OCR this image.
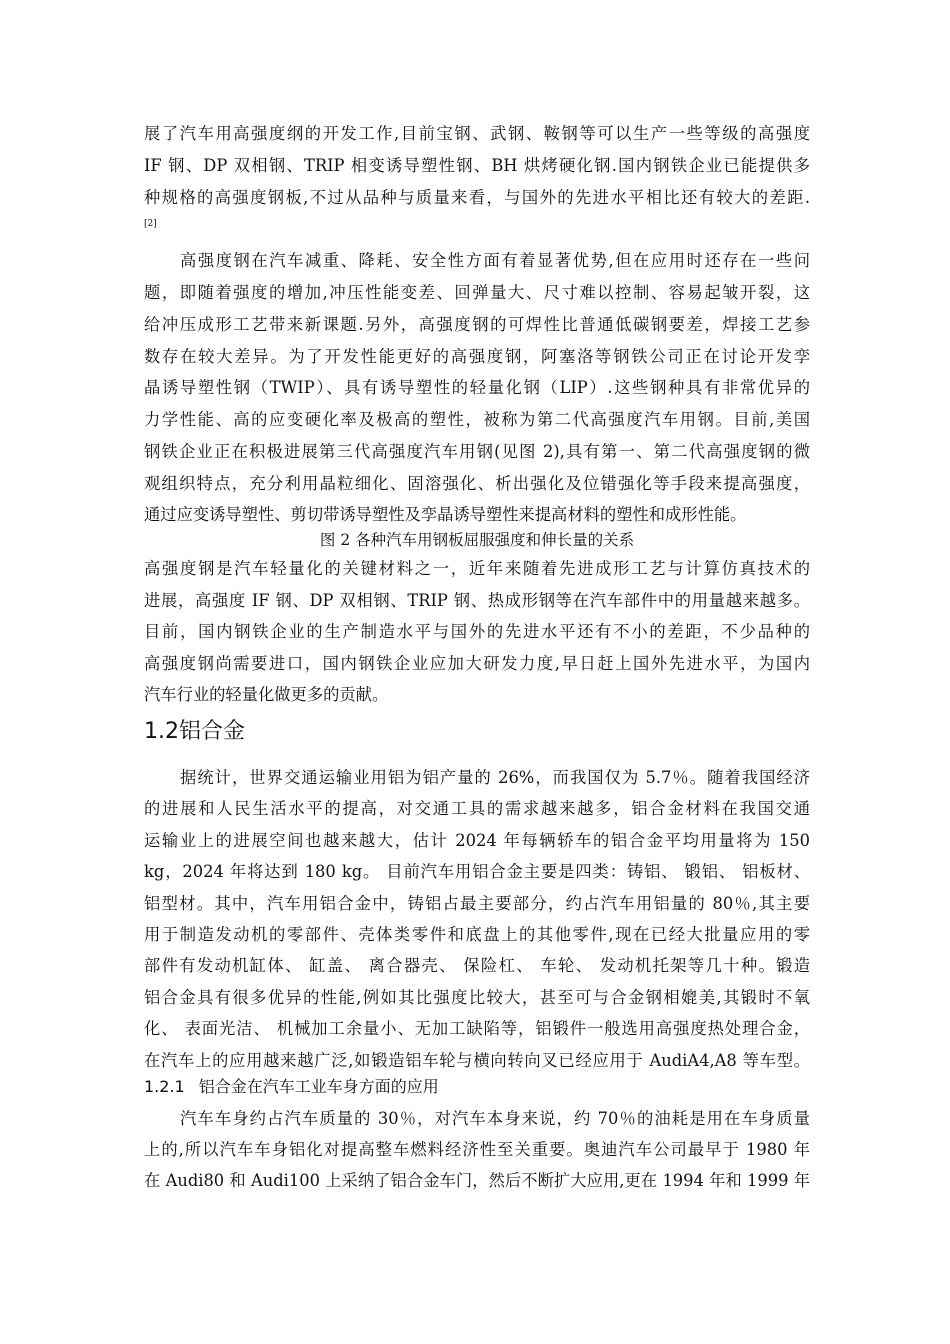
展了汽车用高强度纲的开发工作,目前宝钢、武钢、鞍钢等可以生产一些等级的高强度
IF 钢、DP 双相钢、TRIP 相变诱导塑性钢、BH 烘烤硬化钢.国内钢铁企业已能提供多
种规格的高强度钢板,不过从品种与质量来看，与国外的先进水平相比还有较大的差距.
[2]
高强度钢在汽车减重、降耗、安全性方面有着显著优势,但在应用时还存在一些问
题，即随着强度的增加,冲压性能变差、回弹量大、尺寸难以控制、容易起皱开裂，这
给冲压成形工艺带来新课题.另外，高强度钢的可焊性比普通低碳钢要差，焊接工艺参
数存在较大差异。为了开发性能更好的高强度钢，阿塞洛等钢铁公司正在讨论开发孪
晶诱导塑性钢（TWIP）、具有诱导塑性的轻量化钢（LIP）.这些钢种具有非常优异的
力学性能、高的应变硬化率及极高的塑性，被称为第二代高强度汽车用钢。目前,美国
钢铁企业正在积极进展第三代高强度汽车用钢(见图 2),具有第一、第二代高强度钢的微
观组织特点，充分利用晶粒细化、固溶强化、析出强化及位错强化等手段来提高强度，
通过应变诱导塑性、剪切带诱导塑性及孪晶诱导塑性来提高材料的塑性和成形性能。
图 2 各种汽车用钢板屈服强度和伸长量的关系
高强度钢是汽车轻量化的关键材料之一，近年来随着先进成形工艺与计算仿真技术的
进展，高强度 IF 钢、DP 双相钢、TRIP 钢、热成形钢等在汽车部件中的用量越来越多。
目前，国内钢铁企业的生产制造水平与国外的先进水平还有不小的差距，不少品种的
高强度钢尚需要进口，国内钢铁企业应加大研发力度,早日赶上国外先进水平，为国内
汽车行业的轻量化做更多的贡献。
1.2铝合金
据统计，世界交通运输业用铝为铝产量的 26%，而我国仅为 5.7％。随着我国经济
的进展和人民生活水平的提高，对交通工具的需求越来越多，铝合金材料在我国交通
运输业上的进展空间也越来越大，估计 2024 年每辆轿车的铝合金平均用量将为 150
kg，2024 年将达到 180 kg。 目前汽车用铝合金主要是四类：铸铝、 锻铝、 铝板材、
铝型材。其中，汽车用铝合金中，铸铝占最主要部分，约占汽车用铝量的 80％,其主要
用于制造发动机的零部件、壳体类零件和底盘上的其他零件,现在已经大批量应用的零
部件有发动机缸体、 缸盖、 离合器壳、 保险杠、 车轮、 发动机托架等几十种。锻造
铝合金具有很多优异的性能,例如其比强度比较大，甚至可与合金钢相媲美,其锻时不氧
化、 表面光洁、 机械加工余量小、无加工缺陷等，铝锻件一般选用高强度热处理合金，
在汽车上的应用越来越广泛,如锻造铝车轮与横向转向叉已经应用于 AudiA4,A8 等车型。
1.2.1 铝合金在汽车工业车身方面的应用
汽车车身约占汽车质量的 30％，对汽车本身来说，约 70％的油耗是用在车身质量
上的,所以汽车车身铝化对提高整车燃料经济性至关重要。奥迪汽车公司最早于 1980 年
在 Audi80 和 Audi100 上采纳了铝合金车门，然后不断扩大应用,更在 1994 年和 1999 年
